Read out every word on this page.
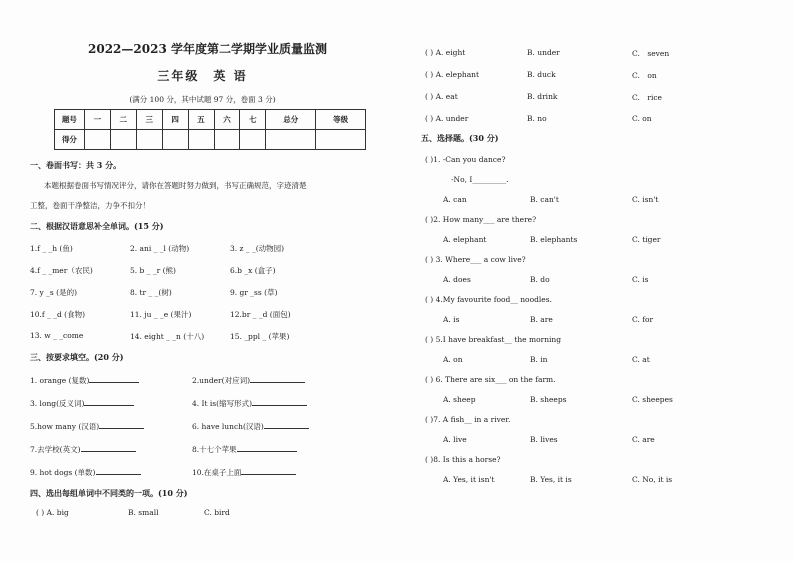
2022—2023 学年度第二学期学业质量监测
三年级　英 语
(满分 100 分，其中试题 97 分，卷面 3 分)
题号	一	二	三	四	五	六	七	总分	等级
得分									
一、卷面书写：共 3 分。
本题根据卷面书写情况评分，请你在答题时努力做到，书写正确规范，字迹清楚
工整，卷面干净整洁，力争不扣分！
二、根据汉语意思补全单词。(15 分)
1.f _ _h (鱼)	2. ani _ _l (动物)	3. z _ _(动物园)
4.f _ _mer（农民)	5. b _ _r (熊)	6.b _x (盒子)
7. y _s (是的)	8. tr _ _(树)	9. gr _ss (草)
10.f _ _d (食物)	11. ju _ _e (果汁)	12.br _ _d (面包)
13. w _ _come	14. eight _ _n (十八)	15. _ppl _ (苹果)
三、按要求填空。(20 分)
1. orange (复数)	2.under(对应词)
3. long(反义词)	4. It is(缩写形式)
5.how many (汉语)	6. have lunch(汉语)
7.去学校(英文)	8.十七个苹果
9. hot dogs (单数)	10.在桌子上面
四、选出每组单词中不同类的一项。(10 分)
( ) A. big	B. small	C. bird
( ) A. eight	B. under	C.　seven
( ) A. elephant	B. duck	C.　on
( ) A. eat	B. drink	C.　rice
( ) A. under	B. no	C. on
五、选择题。(30 分)
( )1. -Can you dance?
-No, I_________.
A. can	B. can't	C. isn't
( )2. How many___ are there?
A. elephant	B. elephants	C. tiger
( ) 3. Where___ a cow live?
A. does	B. do	C. is
( ) 4.My favourite food__ noodles.
A. is	B. are	C. for
( ) 5.I have breakfast__ the morning
A. on	B. in	C. at
( ) 6. There are six___ on the farm.
A. sheep	B. sheeps	C. sheepes
( )7. A fish__ in a river.
A. live	B. lives	C. are
( )8. Is this a horse?
A. Yes, it isn't	B. Yes, it is	C. No, it is
